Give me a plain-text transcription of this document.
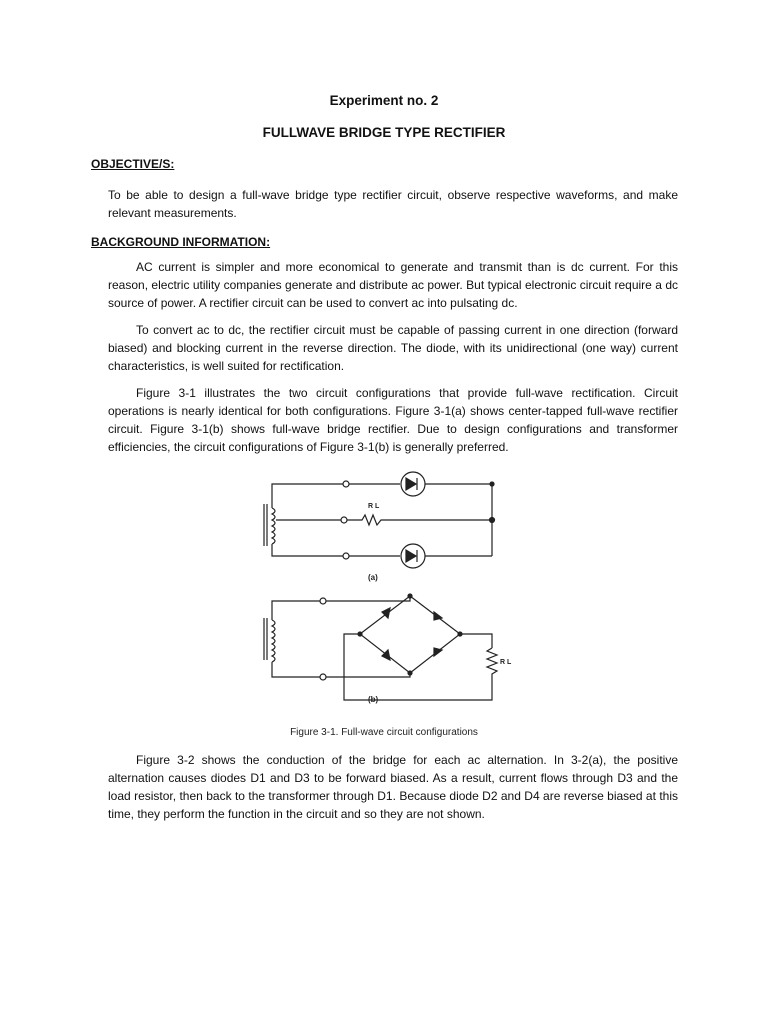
Experiment no. 2
FULLWAVE BRIDGE TYPE RECTIFIER
OBJECTIVE/S:

To be able to design a full-wave bridge type rectifier circuit, observe respective waveforms, and make relevant measurements.

BACKGROUND INFORMATION:

AC current is simpler and more economical to generate and transmit than is dc current. For this reason, electric utility companies generate and distribute ac power. But typical electronic circuit require a dc source of power. A rectifier circuit can be used to convert ac into pulsating dc.

To convert ac to dc, the rectifier circuit must be capable of passing current in one direction (forward biased) and blocking current in the reverse direction. The diode, with its unidirectional (one way) current characteristics, is well suited for rectification.

Figure 3-1 illustrates the two circuit configurations that provide full-wave rectification. Circuit operations is nearly identical for both configurations. Figure 3-1(a) shows center-tapped full-wave rectifier circuit. Figure 3-1(b) shows full-wave bridge rectifier. Due to design configurations and transformer efficiencies, the circuit configurations of Figure 3-1(b) is generally preferred.

R L
(a)
R L
(b)
Figure 3-1. Full-wave circuit configurations

Figure 3-2 shows the conduction of the bridge for each ac alternation. In 3-2(a), the positive alternation causes diodes D1 and D3 to be forward biased. As a result, current flows through D3 and the load resistor, then back to the transformer through D1. Because diode D2 and D4 are reverse biased at this time, they perform the function in the circuit and so they are not shown.
